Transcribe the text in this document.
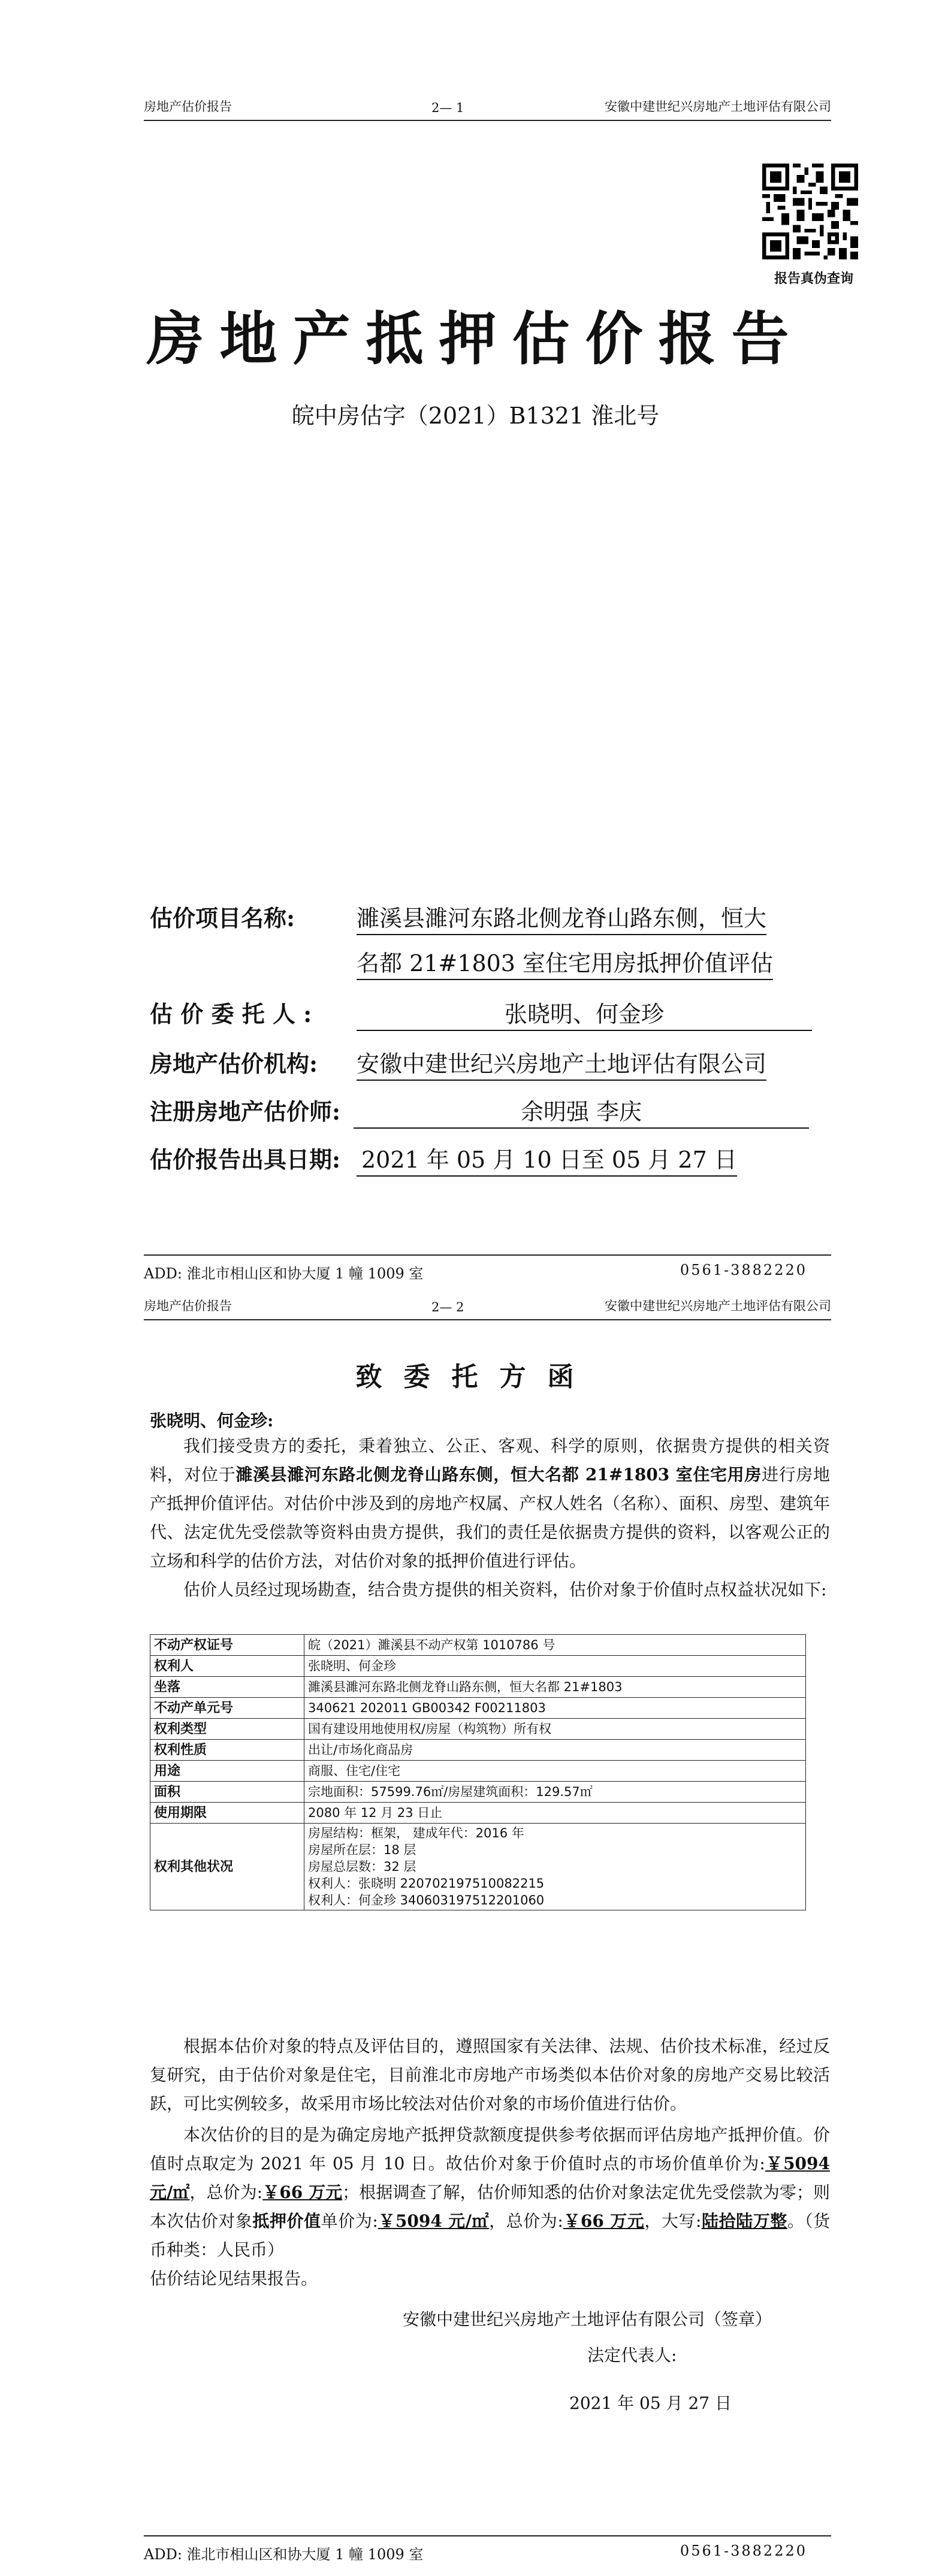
房地产估价报告	2— 1	安徽中建世纪兴房地产土地评估有限公司
报告真伪查询
房地产抵押估价报告
皖中房估字（2021）B1321 淮北号
估价项目名称:	濉溪县濉河东路北侧龙脊山路东侧，恒大
名都 21#1803 室住宅用房抵押价值评估
估 价 委 托 人 :	张晓明、何金珍
房地产估价机构: 安徽中建世纪兴房地产土地评估有限公司
注册房地产估价师:	余明强 李庆
估价报告出具日期: 2021 年 05 月 10 日至 05 月 27 日
ADD: 淮北市相山区和协大厦 1 幢 1009 室	0561-3882220
房地产估价报告	2— 2	安徽中建世纪兴房地产土地评估有限公司
致委托方函
张晓明、何金珍:
我们接受贵方的委托，秉着独立、公正、客观、科学的原则，依据贵方提供的相关资料，对位于濉溪县濉河东路北侧龙脊山路东侧，恒大名都 21#1803 室住宅用房进行房地产抵押价值评估。对估价中涉及到的房地产权属、产权人姓名（名称）、面积、房型、建筑年代、法定优先受偿款等资料由贵方提供，我们的责任是依据贵方提供的资料，以客观公正的立场和科学的估价方法，对估价对象的抵押价值进行评估。
估价人员经过现场勘查，结合贵方提供的相关资料，估价对象于价值时点权益状况如下:
不动产权证号	皖（2021）濉溪县不动产权第 1010786 号

权利人	张晓明、何金珍

坐落	濉溪县濉河东路北侧龙脊山路东侧，恒大名都 21#1803

不动产单元号	340621 202011 GB00342 F00211803

权利类型	国有建设用地使用权/房屋（构筑物）所有权

权利性质	出让/市场化商品房

用途	商服、住宅/住宅

面积	宗地面积：57599.76㎡/房屋建筑面积：129.57㎡

使用期限	2080 年 12 月 23 日止

权利其他状况	房屋结构：框架， 建成年代：2016 年
房屋所在层：18 层
房屋总层数：32 层
权利人：张晓明 220702197510082215
权利人：何金珍 340603197512201060
根据本估价对象的特点及评估目的，遵照国家有关法律、法规、估价技术标准，经过反复研究，由于估价对象是住宅，目前淮北市房地产市场类似本估价对象的房地产交易比较活跃，可比实例较多，故采用市场比较法对估价对象的市场价值进行估价。
本次估价的目的是为确定房地产抵押贷款额度提供参考依据而评估房地产抵押价值。价值时点取定为 2021 年 05 月 10 日。故估价对象于价值时点的市场价值单价为:￥5094 元/㎡，总价为:￥66 万元；根据调查了解，估价师知悉的估价对象法定优先受偿款为零；则本次估价对象抵押价值单价为:￥5094 元/㎡，总价为:￥66 万元，大写:陆拾陆万整。（货币种类：人民币）
估价结论见结果报告。
安徽中建世纪兴房地产土地评估有限公司（签章）
法定代表人:
2021 年 05 月 27 日
ADD: 淮北市相山区和协大厦 1 幢 1009 室	0561-3882220
